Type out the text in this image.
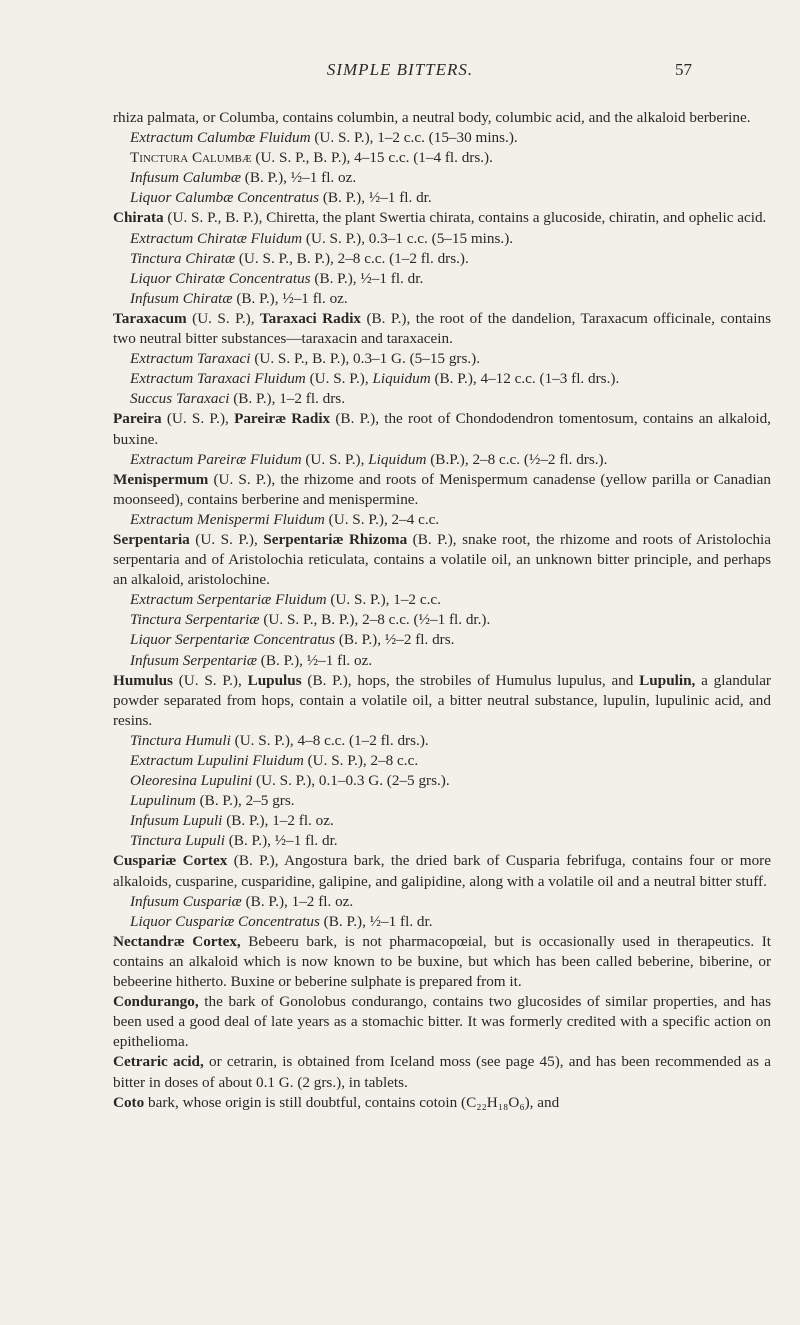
SIMPLE BITTERS.	57

rhiza palmata, or Columba, contains columbin, a neutral body, columbic acid, and the alkaloid berberine.

Extractum Calumbæ Fluidum (U. S. P.), 1–2 c.c. (15–30 mins.).

Tinctura Calumbæ (U. S. P., B. P.), 4–15 c.c. (1–4 fl. drs.).

Infusum Calumbæ (B. P.), ½–1 fl. oz.

Liquor Calumbæ Concentratus (B. P.), ½–1 fl. dr.

Chirata (U. S. P., B. P.), Chiretta, the plant Swertia chirata, contains a glucoside, chiratin, and ophelic acid.

Extractum Chiratæ Fluidum (U. S. P.), 0.3–1 c.c. (5–15 mins.).

Tinctura Chiratæ (U. S. P., B. P.), 2–8 c.c. (1–2 fl. drs.).

Liquor Chiratæ Concentratus (B. P.), ½–1 fl. dr.

Infusum Chiratæ (B. P.), ½–1 fl. oz.

Taraxacum (U. S. P.), Taraxaci Radix (B. P.), the root of the dandelion, Taraxacum officinale, contains two neutral bitter substances—taraxacin and taraxacein.

Extractum Taraxaci (U. S. P., B. P.), 0.3–1 G. (5–15 grs.).

Extractum Taraxaci Fluidum (U. S. P.), Liquidum (B. P.), 4–12 c.c. (1–3 fl. drs.).

Succus Taraxaci (B. P.), 1–2 fl. drs.

Pareira (U. S. P.), Pareiræ Radix (B. P.), the root of Chondodendron tomentosum, contains an alkaloid, buxine.

Extractum Pareiræ Fluidum (U. S. P.), Liquidum (B.P.), 2–8 c.c. (½–2 fl. drs.).

Menispermum (U. S. P.), the rhizome and roots of Menispermum canadense (yellow parilla or Canadian moonseed), contains berberine and menispermine.

Extractum Menispermi Fluidum (U. S. P.), 2–4 c.c.

Serpentaria (U. S. P.), Serpentariæ Rhizoma (B. P.), snake root, the rhizome and roots of Aristolochia serpentaria and of Aristolochia reticulata, contains a volatile oil, an unknown bitter principle, and perhaps an alkaloid, aristolochine.

Extractum Serpentariæ Fluidum (U. S. P.), 1–2 c.c.

Tinctura Serpentariæ (U. S. P., B. P.), 2–8 c.c. (½–1 fl. dr.).

Liquor Serpentariæ Concentratus (B. P.), ½–2 fl. drs.

Infusum Serpentariæ (B. P.), ½–1 fl. oz.

Humulus (U. S. P.), Lupulus (B. P.), hops, the strobiles of Humulus lupulus, and Lupulin, a glandular powder separated from hops, contain a volatile oil, a bitter neutral substance, lupulin, lupulinic acid, and resins.

Tinctura Humuli (U. S. P.), 4–8 c.c. (1–2 fl. drs.).

Extractum Lupulini Fluidum (U. S. P.), 2–8 c.c.

Oleoresina Lupulini (U. S. P.), 0.1–0.3 G. (2–5 grs.).

Lupulinum (B. P.), 2–5 grs.

Infusum Lupuli (B. P.), 1–2 fl. oz.

Tinctura Lupuli (B. P.), ½–1 fl. dr.

Cuspariæ Cortex (B. P.), Angostura bark, the dried bark of Cusparia febrifuga, contains four or more alkaloids, cusparine, cusparidine, galipine, and galipidine, along with a volatile oil and a neutral bitter stuff.

Infusum Cuspariæ (B. P.), 1–2 fl. oz.

Liquor Cuspariæ Concentratus (B. P.), ½–1 fl. dr.

Nectandræ Cortex, Bebeeru bark, is not pharmacopœial, but is occasionally used in therapeutics. It contains an alkaloid which is now known to be buxine, but which has been called beberine, biberine, or bebeerine hitherto. Buxine or beberine sulphate is prepared from it.

Condurango, the bark of Gonolobus condurango, contains two glucosides of similar properties, and has been used a good deal of late years as a stomachic bitter. It was formerly credited with a specific action on epithelioma.

Cetraric acid, or cetrarin, is obtained from Iceland moss (see page 45), and has been recommended as a bitter in doses of about 0.1 G. (2 grs.), in tablets.

Coto bark, whose origin is still doubtful, contains cotoin (C₂₂H₁₈O₆), and
